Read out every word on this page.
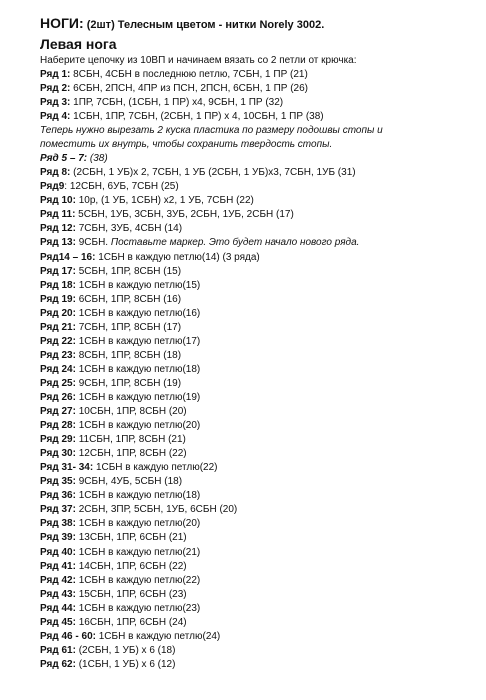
НОГИ: (2шт) Телесным цветом - нитки Norely 3002.
Левая нога
Наберите цепочку из 10ВП и начинаем вязать со 2 петли от крючка:
Ряд 1: 8СБН, 4СБН в последнюю петлю, 7СБН, 1 ПР (21)
Ряд 2: 6СБН, 2ПСН, 4ПР из ПСН, 2ПСН, 6СБН, 1 ПР (26)
Ряд 3: 1ПР, 7СБН, (1СБН, 1 ПР) x4, 9СБН, 1 ПР (32)
Ряд 4: 1СБН, 1ПР, 7СБН, (2СБН, 1 ПР) x 4, 10СБН, 1 ПР (38)
Теперь нужно вырезать 2 куска пластика по размеру подошвы стопы и
поместить их внутрь, чтобы сохранить твердость стопы.
Ряд 5 – 7: (38)
Ряд 8: (2СБН, 1 УБ)x 2, 7СБН, 1 УБ (2СБН, 1 УБ)x3, 7СБН, 1УБ (31)
Ряд9: 12СБН, 6УБ, 7СБН (25)
Ряд 10: 10р, (1 УБ, 1СБН) x2, 1 УБ, 7СБН (22)
Ряд 11: 5СБН, 1УБ, 3СБН, 3УБ, 2СБН, 1УБ, 2СБН (17)
Ряд 12: 7СБН, 3УБ, 4СБН (14)
Ряд 13: 9СБН. Поставьте маркер. Это будет начало нового ряда.
Ряд14 – 16: 1СБН в каждую петлю(14) (3 ряда)
Ряд 17: 5СБН, 1ПР, 8СБН (15)
Ряд 18: 1СБН в каждую петлю(15)
Ряд 19: 6СБН, 1ПР, 8СБН (16)
Ряд 20: 1СБН в каждую петлю(16)
Ряд 21: 7СБН, 1ПР, 8СБН (17)
Ряд 22: 1СБН в каждую петлю(17)
Ряд 23: 8СБН, 1ПР, 8СБН (18)
Ряд 24: 1СБН в каждую петлю(18)
Ряд 25: 9СБН, 1ПР, 8СБН (19)
Ряд 26: 1СБН в каждую петлю(19)
Ряд 27: 10СБН, 1ПР, 8СБН (20)
Ряд 28: 1СБН в каждую петлю(20)
Ряд 29: 11СБН, 1ПР, 8СБН (21)
Ряд 30: 12СБН, 1ПР, 8СБН (22)
Ряд 31- 34: 1СБН в каждую петлю(22)
Ряд 35: 9СБН, 4УБ, 5СБН (18)
Ряд 36: 1СБН в каждую петлю(18)
Ряд 37: 2СБН, 3ПР, 5СБН, 1УБ, 6СБН (20)
Ряд 38: 1СБН в каждую петлю(20)
Ряд 39: 13СБН, 1ПР, 6СБН (21)
Ряд 40: 1СБН в каждую петлю(21)
Ряд 41: 14СБН, 1ПР, 6СБН (22)
Ряд 42: 1СБН в каждую петлю(22)
Ряд 43: 15СБН, 1ПР, 6СБН (23)
Ряд 44: 1СБН в каждую петлю(23)
Ряд 45: 16СБН, 1ПР, 6СБН (24)
Ряд 46 - 60: 1СБН в каждую петлю(24)
Ряд 61: (2СБН, 1 УБ) x 6 (18)
Ряд 62: (1СБН, 1 УБ) x 6 (12)
